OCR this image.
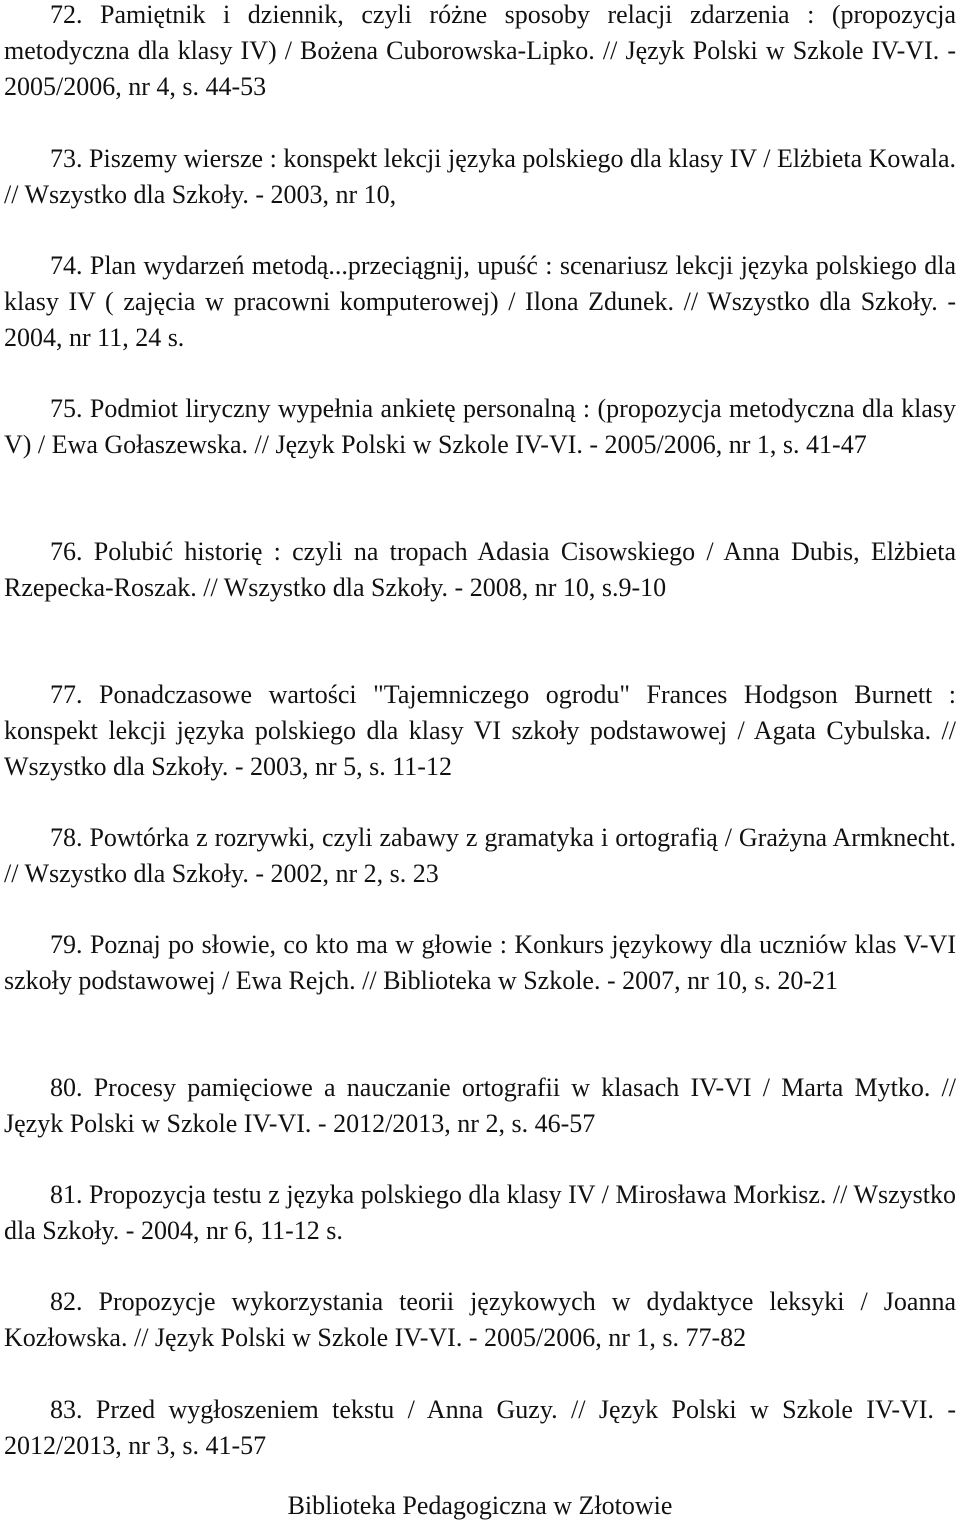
72. Pamiętnik i dziennik, czyli różne sposoby relacji zdarzenia : (propozycja metodyczna dla klasy IV) / Bożena Cuborowska-Lipko. // Język Polski w Szkole IV-VI. - 2005/2006, nr 4, s. 44-53

73. Piszemy wiersze : konspekt lekcji języka polskiego dla klasy IV / Elżbieta Kowala. // Wszystko dla Szkoły. - 2003, nr 10,

74. Plan wydarzeń metodą...przeciągnij, upuść : scenariusz lekcji języka polskiego dla klasy IV ( zajęcia w pracowni komputerowej) / Ilona Zdunek. // Wszystko dla Szkoły. - 2004, nr 11, 24 s.

75. Podmiot liryczny wypełnia ankietę personalną : (propozycja metodyczna dla klasy V) / Ewa Gołaszewska. // Język Polski w Szkole IV-VI. - 2005/2006, nr 1, s. 41-47

76. Polubić historię : czyli na tropach Adasia Cisowskiego / Anna Dubis, Elżbieta Rzepecka-Roszak. // Wszystko dla Szkoły. - 2008, nr 10, s.9-10

77. Ponadczasowe wartości "Tajemniczego ogrodu" Frances Hodgson Burnett : konspekt lekcji języka polskiego dla klasy VI szkoły podstawowej / Agata Cybulska. // Wszystko dla Szkoły. - 2003, nr 5, s. 11-12

78. Powtórka z rozrywki, czyli zabawy z gramatyka i ortografią / Grażyna Armknecht. // Wszystko dla Szkoły. - 2002, nr 2, s. 23

79. Poznaj po słowie, co kto ma w głowie : Konkurs językowy dla uczniów klas V-VI szkoły podstawowej / Ewa Rejch. // Biblioteka w Szkole. - 2007, nr 10, s. 20-21

80. Procesy pamięciowe a nauczanie ortografii w klasach IV-VI / Marta Mytko. // Język Polski w Szkole IV-VI. - 2012/2013, nr 2, s. 46-57

81. Propozycja testu z języka polskiego dla klasy IV / Mirosława Morkisz. // Wszystko dla Szkoły. - 2004, nr 6, 11-12 s.

82. Propozycje wykorzystania teorii językowych w dydaktyce leksyki / Joanna Kozłowska. // Język Polski w Szkole IV-VI. - 2005/2006, nr 1, s. 77-82

83. Przed wygłoszeniem tekstu / Anna Guzy. // Język Polski w Szkole IV-VI. - 2012/2013, nr 3, s. 41-57

Biblioteka Pedagogiczna w Złotowie
